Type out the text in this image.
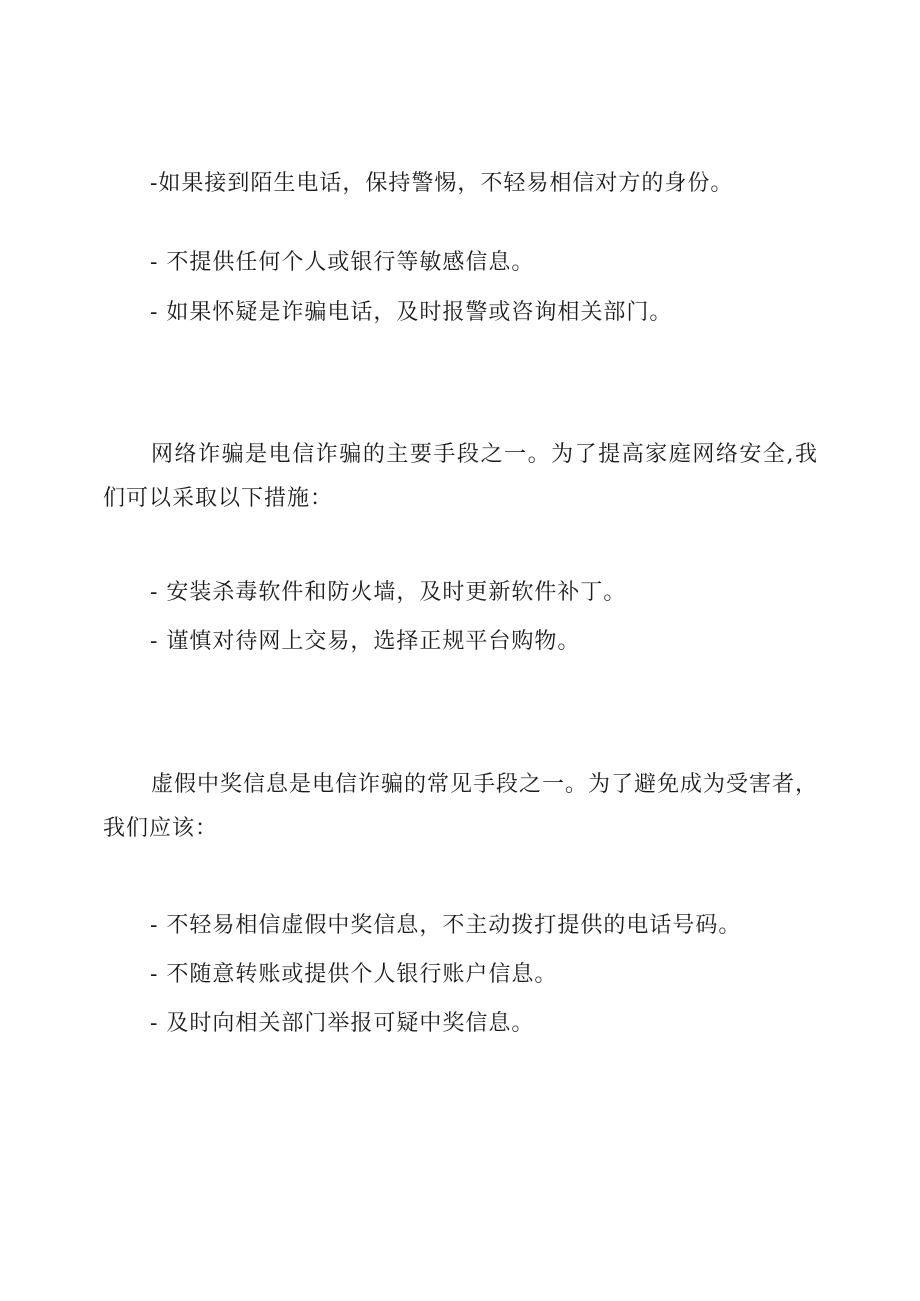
-如果接到陌生电话，保持警惕，不轻易相信对方的身份。
- 不提供任何个人或银行等敏感信息。
- 如果怀疑是诈骗电话，及时报警或咨询相关部门。
网络诈骗是电信诈骗的主要手段之一。为了提高家庭网络安全,我们可以采取以下措施：
- 安装杀毒软件和防火墙，及时更新软件补丁。
- 谨慎对待网上交易，选择正规平台购物。
虚假中奖信息是电信诈骗的常见手段之一。为了避免成为受害者，我们应该：
- 不轻易相信虚假中奖信息，不主动拨打提供的电话号码。
- 不随意转账或提供个人银行账户信息。
- 及时向相关部门举报可疑中奖信息。
